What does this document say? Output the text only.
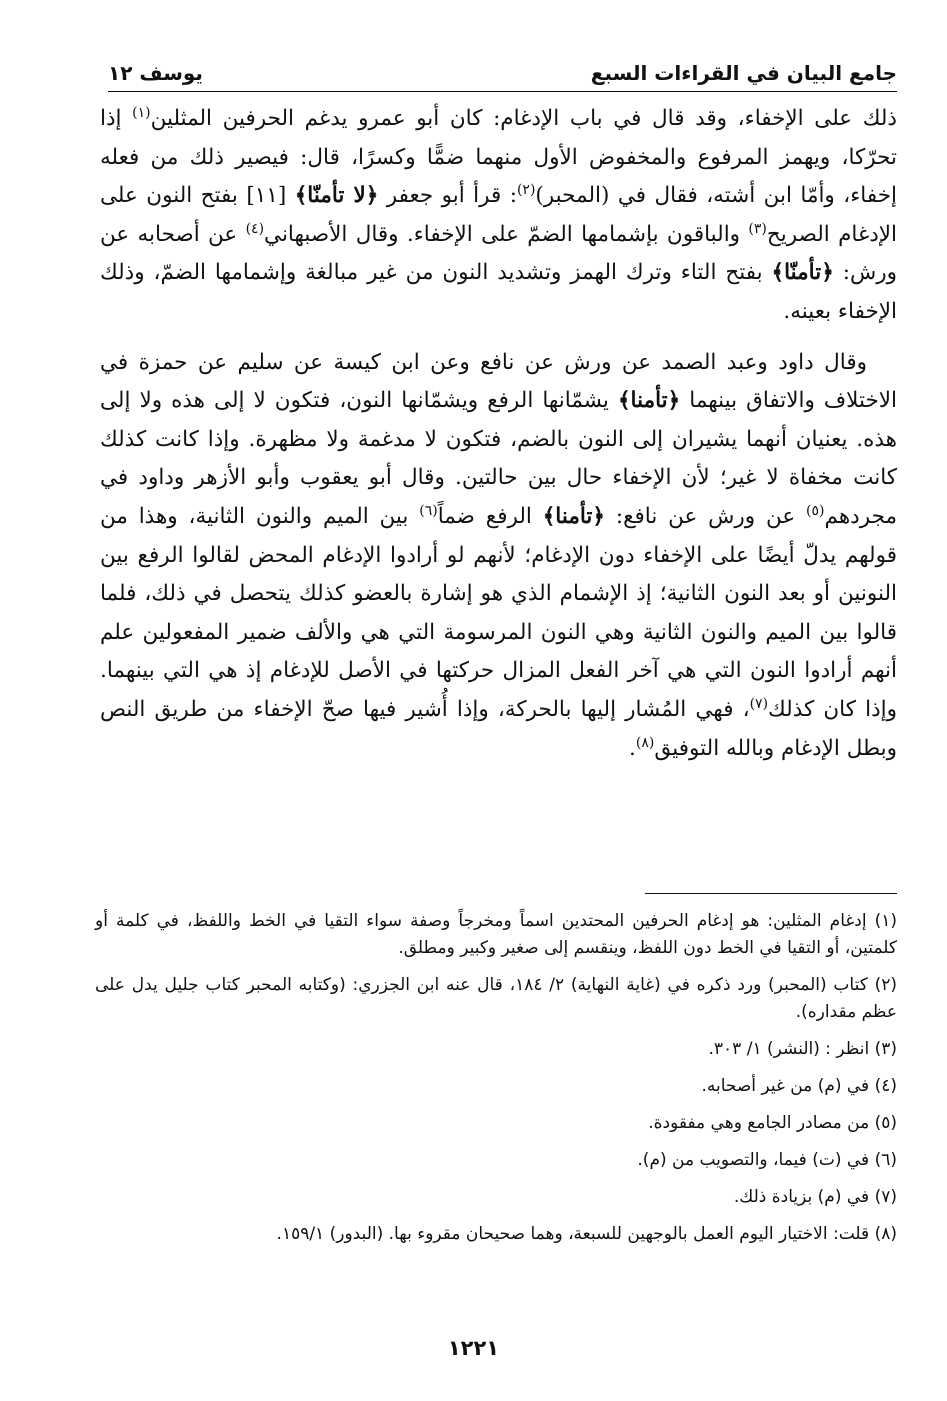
جامع البيان في القراءات السبع
يوسف ١٢

ذلك على الإخفاء، وقد قال في باب الإدغام: كان أبو عمرو يدغم الحرفين المثلين$^{(١)}$ إذا تحرّكا، ويهمز المرفوع والمخفوض الأول منهما ضمًّا وكسرًا، قال: فيصير ذلك من فعله إخفاء، وأمّا ابن أشته، فقال في (المحبر)$^{(٢)}$: قرأ أبو جعفر ﴿لا تأمنّا﴾ [١١] بفتح النون على الإدغام الصريح$^{(٣)}$ والباقون بإشمامها الضمّ على الإخفاء. وقال الأصبهاني$^{(٤)}$ عن أصحابه عن ورش: ﴿تأمنّا﴾ بفتح التاء وترك الهمز وتشديد النون من غير مبالغة وإشمامها الضمّ، وذلك الإخفاء بعينه.

وقال داود وعبد الصمد عن ورش عن نافع وعن ابن كيسة عن سليم عن حمزة في الاختلاف والاتفاق بينهما ﴿تأمنا﴾ يشمّانها الرفع ويشمّانها النون، فتكون لا إلى هذه ولا إلى هذه. يعنيان أنهما يشيران إلى النون بالضم، فتكون لا مدغمة ولا مظهرة. وإذا كانت كذلك كانت مخفاة لا غير؛ لأن الإخفاء حال بين حالتين. وقال أبو يعقوب وأبو الأزهر وداود في مجردهم$^{(٥)}$ عن ورش عن نافع: ﴿تأمنا﴾ الرفع ضماً$^{(٦)}$ بين الميم والنون الثانية، وهذا من قولهم يدلّ أيضًا على الإخفاء دون الإدغام؛ لأنهم لو أرادوا الإدغام المحض لقالوا الرفع بين النونين أو بعد النون الثانية؛ إذ الإشمام الذي هو إشارة بالعضو كذلك يتحصل في ذلك، فلما قالوا بين الميم والنون الثانية وهي النون المرسومة التي هي والألف ضمير المفعولين علم أنهم أرادوا النون التي هي آخر الفعل المزال حركتها في الأصل للإدغام إذ هي التي بينهما. وإذا كان كذلك$^{(٧)}$، فهي المُشار إليها بالحركة، وإذا أُشير فيها صحّ الإخفاء من طريق النص وبطل الإدغام وبالله التوفيق$^{(٨)}$.

(١) إدغام المثلين: هو إدغام الحرفين المحتدين اسماً ومخرجاً وصفة سواء التقيا في الخط واللفظ، في كلمة أو كلمتين، أو التقيا في الخط دون اللفظ، وينقسم إلى صغير وكبير ومطلق.

(٢) كتاب (المحبر) ورد ذكره في (غاية النهاية) ٢/ ١٨٤، قال عنه ابن الجزري: (وكتابه المحبر كتاب جليل يدل على عظم مقداره).

(٣) انظر : (النشر) ١/ ٣٠٣.

(٤) في (م) من غير أصحابه.

(٥) من مصادر الجامع وهي مفقودة.

(٦) في (ت) فيما، والتصويب من (م).

(٧) في (م) بزيادة ذلك.

(٨) قلت: الاختيار اليوم العمل بالوجهين للسبعة، وهما صحيحان مقروء بها. (البدور) ١٥٩/١.

١٢٢١
